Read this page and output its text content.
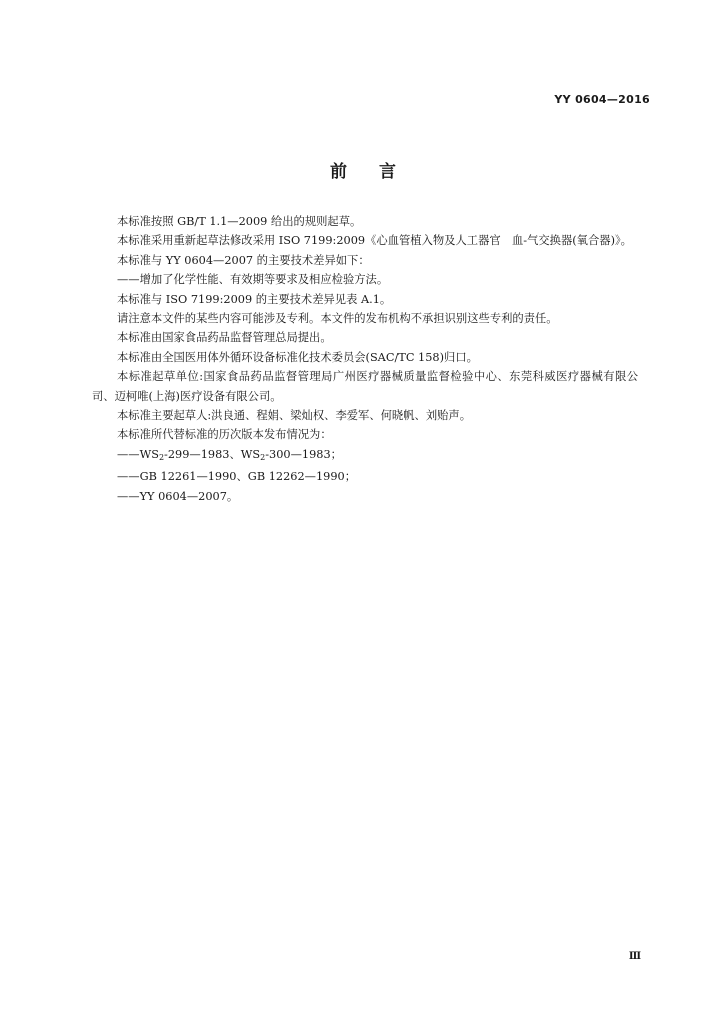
YY 0604—2016
前言

本标准按照 GB/T 1.1—2009 给出的规则起草。

本标准采用重新起草法修改采用 ISO 7199:2009《心血管植入物及人工器官　血-气交换器(氧合器)》。

本标准与 YY 0604—2007 的主要技术差异如下：

——增加了化学性能、有效期等要求及相应检验方法。

本标准与 ISO 7199:2009 的主要技术差异见表 A.1。

请注意本文件的某些内容可能涉及专利。本文件的发布机构不承担识别这些专利的责任。

本标准由国家食品药品监督管理总局提出。

本标准由全国医用体外循环设备标准化技术委员会(SAC/TC 158)归口。

本标准起草单位:国家食品药品监督管理局广州医疗器械质量监督检验中心、东莞科威医疗器械有限公司、迈柯唯(上海)医疗设备有限公司。

本标准主要起草人:洪良通、程娟、梁灿权、李爱军、何晓帆、刘贻声。

本标准所代替标准的历次版本发布情况为：

$——WS_2-299—1983$、$WS_2-300—1983$；

——GB 12261—1990、GB 12262—1990；

——YY 0604—2007。

Ⅲ
